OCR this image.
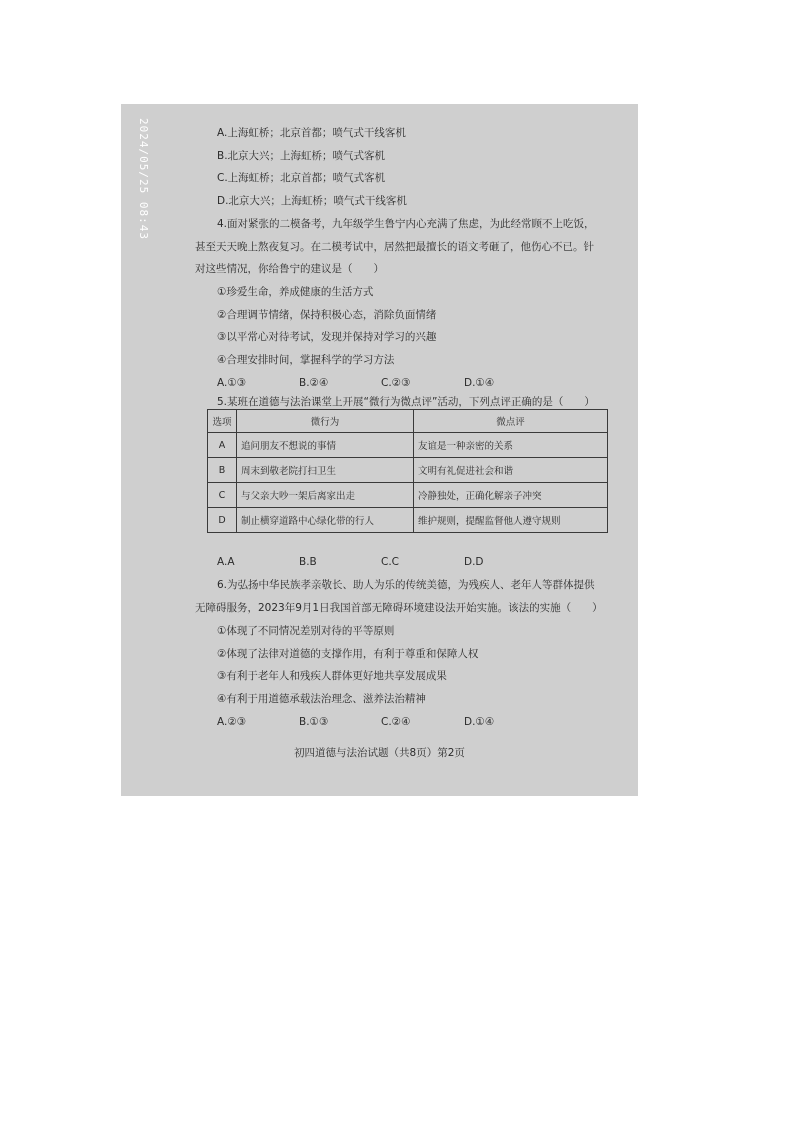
2024/05/25 08:43	A.上海虹桥；北京首都；喷气式干线客机
B.北京大兴；上海虹桥；喷气式客机
C.上海虹桥；北京首都；喷气式客机
D.北京大兴；上海虹桥；喷气式干线客机
4.面对紧张的二模备考，九年级学生鲁宁内心充满了焦虑，为此经常顾不上吃饭，
甚至天天晚上熬夜复习。在二模考试中，居然把最擅长的语文考砸了，他伤心不已。针
对这些情况，你给鲁宁的建议是（　　）
①珍爱生命，养成健康的生活方式
②合理调节情绪，保持积极心态，消除负面情绪
③以平常心对待考试，发现并保持对学习的兴趣
④合理安排时间，掌握科学的学习方法
A.①③	B.②④	C.②③	D.①④
5.某班在道德与法治课堂上开展“微行为微点评”活动，下列点评正确的是（　　）
选项	微行为	微点评
A	追问朋友不想说的事情	友谊是一种亲密的关系
B	周末到敬老院打扫卫生	文明有礼促进社会和谐
C	与父亲大吵一架后离家出走	冷静独处，正确化解亲子冲突
D	制止横穿道路中心绿化带的行人	维护规则，提醒监督他人遵守规则
A.A	B.B	C.C	D.D
6.为弘扬中华民族孝亲敬长、助人为乐的传统美德，为残疾人、老年人等群体提供
无障碍服务，2023年9月1日我国首部无障碍环境建设法开始实施。该法的实施（　　）
①体现了不同情况差别对待的平等原则
②体现了法律对道德的支撑作用，有利于尊重和保障人权
③有利于老年人和残疾人群体更好地共享发展成果
④有利于用道德承载法治理念、滋养法治精神
A.②③	B.①③	C.②④	D.①④
初四道德与法治试题（共8页）第2页
